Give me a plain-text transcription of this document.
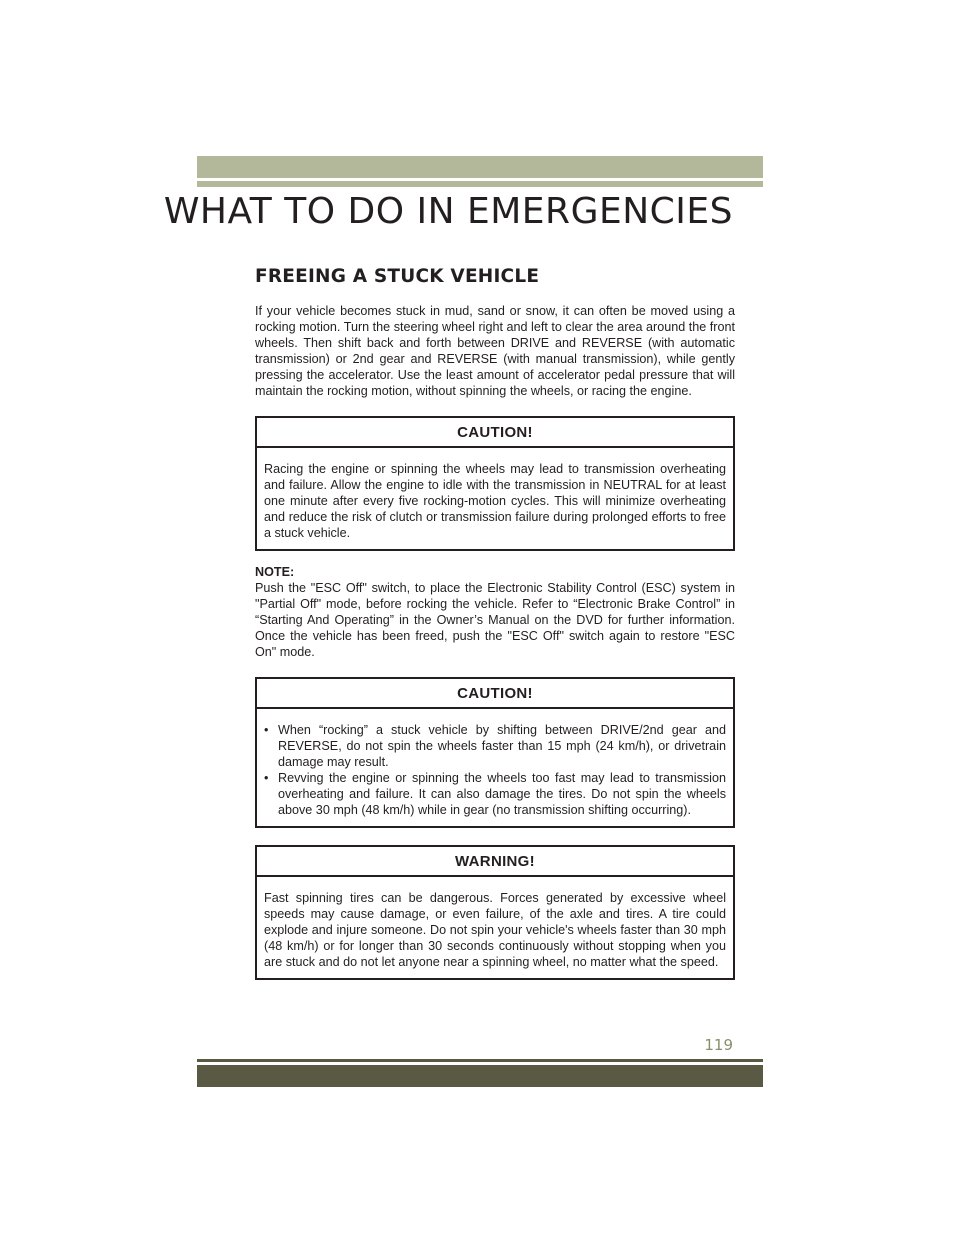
WHAT TO DO IN EMERGENCIES
FREEING A STUCK VEHICLE

If your vehicle becomes stuck in mud, sand or snow, it can often be moved using a rocking motion. Turn the steering wheel right and left to clear the area around the front wheels. Then shift back and forth between DRIVE and REVERSE (with automatic transmission) or 2nd gear and REVERSE (with manual transmission), while gently pressing the accelerator. Use the least amount of accelerator pedal pressure that will maintain the rocking motion, without spinning the wheels, or racing the engine.

CAUTION!

Racing the engine or spinning the wheels may lead to transmission overheating and failure. Allow the engine to idle with the transmission in NEUTRAL for at least one minute after every five rocking-motion cycles. This will minimize overheating and reduce the risk of clutch or transmission failure during prolonged efforts to free a stuck vehicle.

NOTE:

Push the "ESC Off" switch, to place the Electronic Stability Control (ESC) system in "Partial Off" mode, before rocking the vehicle. Refer to “Electronic Brake Control” in “Starting And Operating” in the Owner’s Manual on the DVD for further information. Once the vehicle has been freed, push the "ESC Off" switch again to restore "ESC On" mode.

CAUTION!
• When “rocking” a stuck vehicle by shifting between DRIVE/2nd gear and REVERSE, do not spin the wheels faster than 15 mph (24 km/h), or drivetrain damage may result.
• Revving the engine or spinning the wheels too fast may lead to transmission overheating and failure. It can also damage the tires. Do not spin the wheels above 30 mph (48 km/h) while in gear (no transmission shifting occurring).
WARNING!

Fast spinning tires can be dangerous. Forces generated by excessive wheel speeds may cause damage, or even failure, of the axle and tires. A tire could explode and injure someone. Do not spin your vehicle's wheels faster than 30 mph (48 km/h) or for longer than 30 seconds continuously without stopping when you are stuck and do not let anyone near a spinning wheel, no matter what the speed.

119
